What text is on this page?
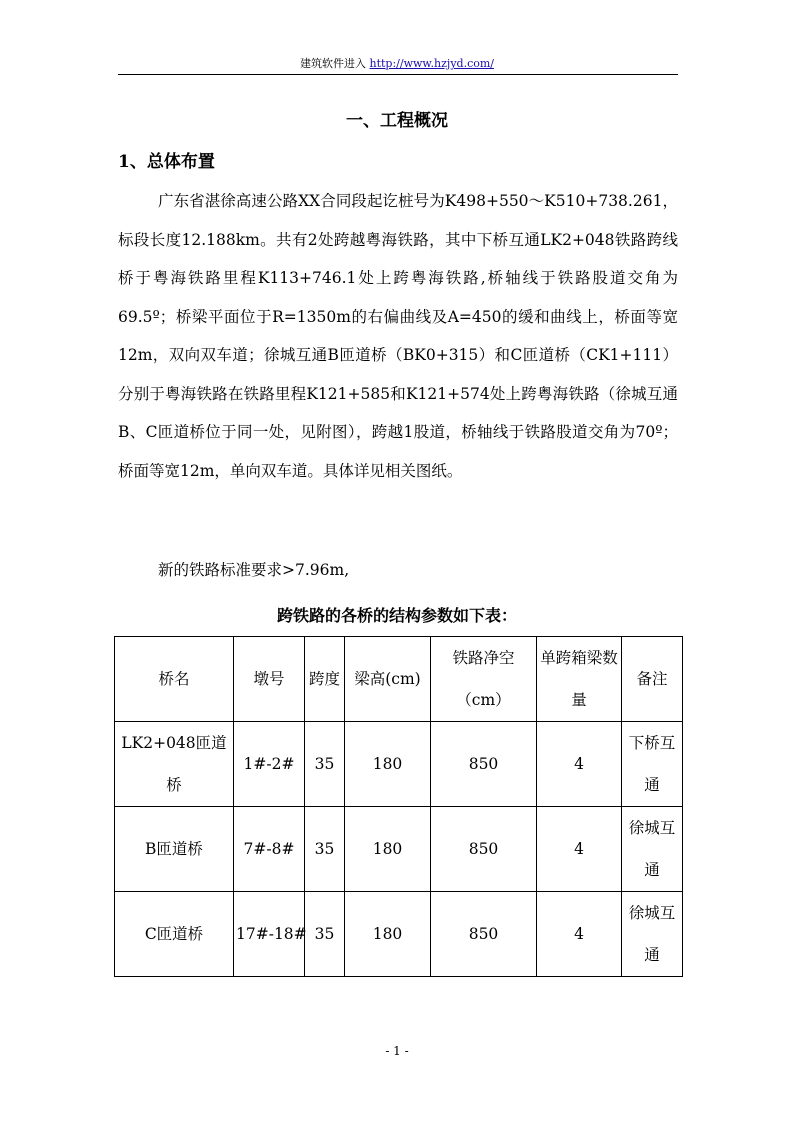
建筑软件进入 http://www.hzjyd.com/
一、工程概况
1、总体布置

广东省湛徐高速公路XX合同段起讫桩号为K498+550～K510+738.261，标段长度12.188km。共有2处跨越粤海铁路，其中下桥互通LK2+048铁路跨线桥于粤海铁路里程K113+746.1处上跨粤海铁路,桥轴线于铁路股道交角为69.5º；桥梁平面位于R=1350m的右偏曲线及A=450的缓和曲线上，桥面等宽12m，双向双车道；徐城互通B匝道桥（BK0+315）和C匝道桥（CK1+111）分别于粤海铁路在铁路里程K121+585和K121+574处上跨粤海铁路（徐城互通B、C匝道桥位于同一处，见附图），跨越1股道，桥轴线于铁路股道交角为70º；桥面等宽12m，单向双车道。具体详见相关图纸。

新的铁路标准要求>7.96m,

跨铁路的各桥的结构参数如下表：
桥名	墩号	跨度	梁高(cm)	铁路净空（cm）	单跨箱梁数量	备注
LK2+048匝道桥	1#-2#	35	180	850	4	下桥互通
B匝道桥	7#-8#	35	180	850	4	徐城互通
C匝道桥	17#-18#	35	180	850	4	徐城互通
- 1 -
